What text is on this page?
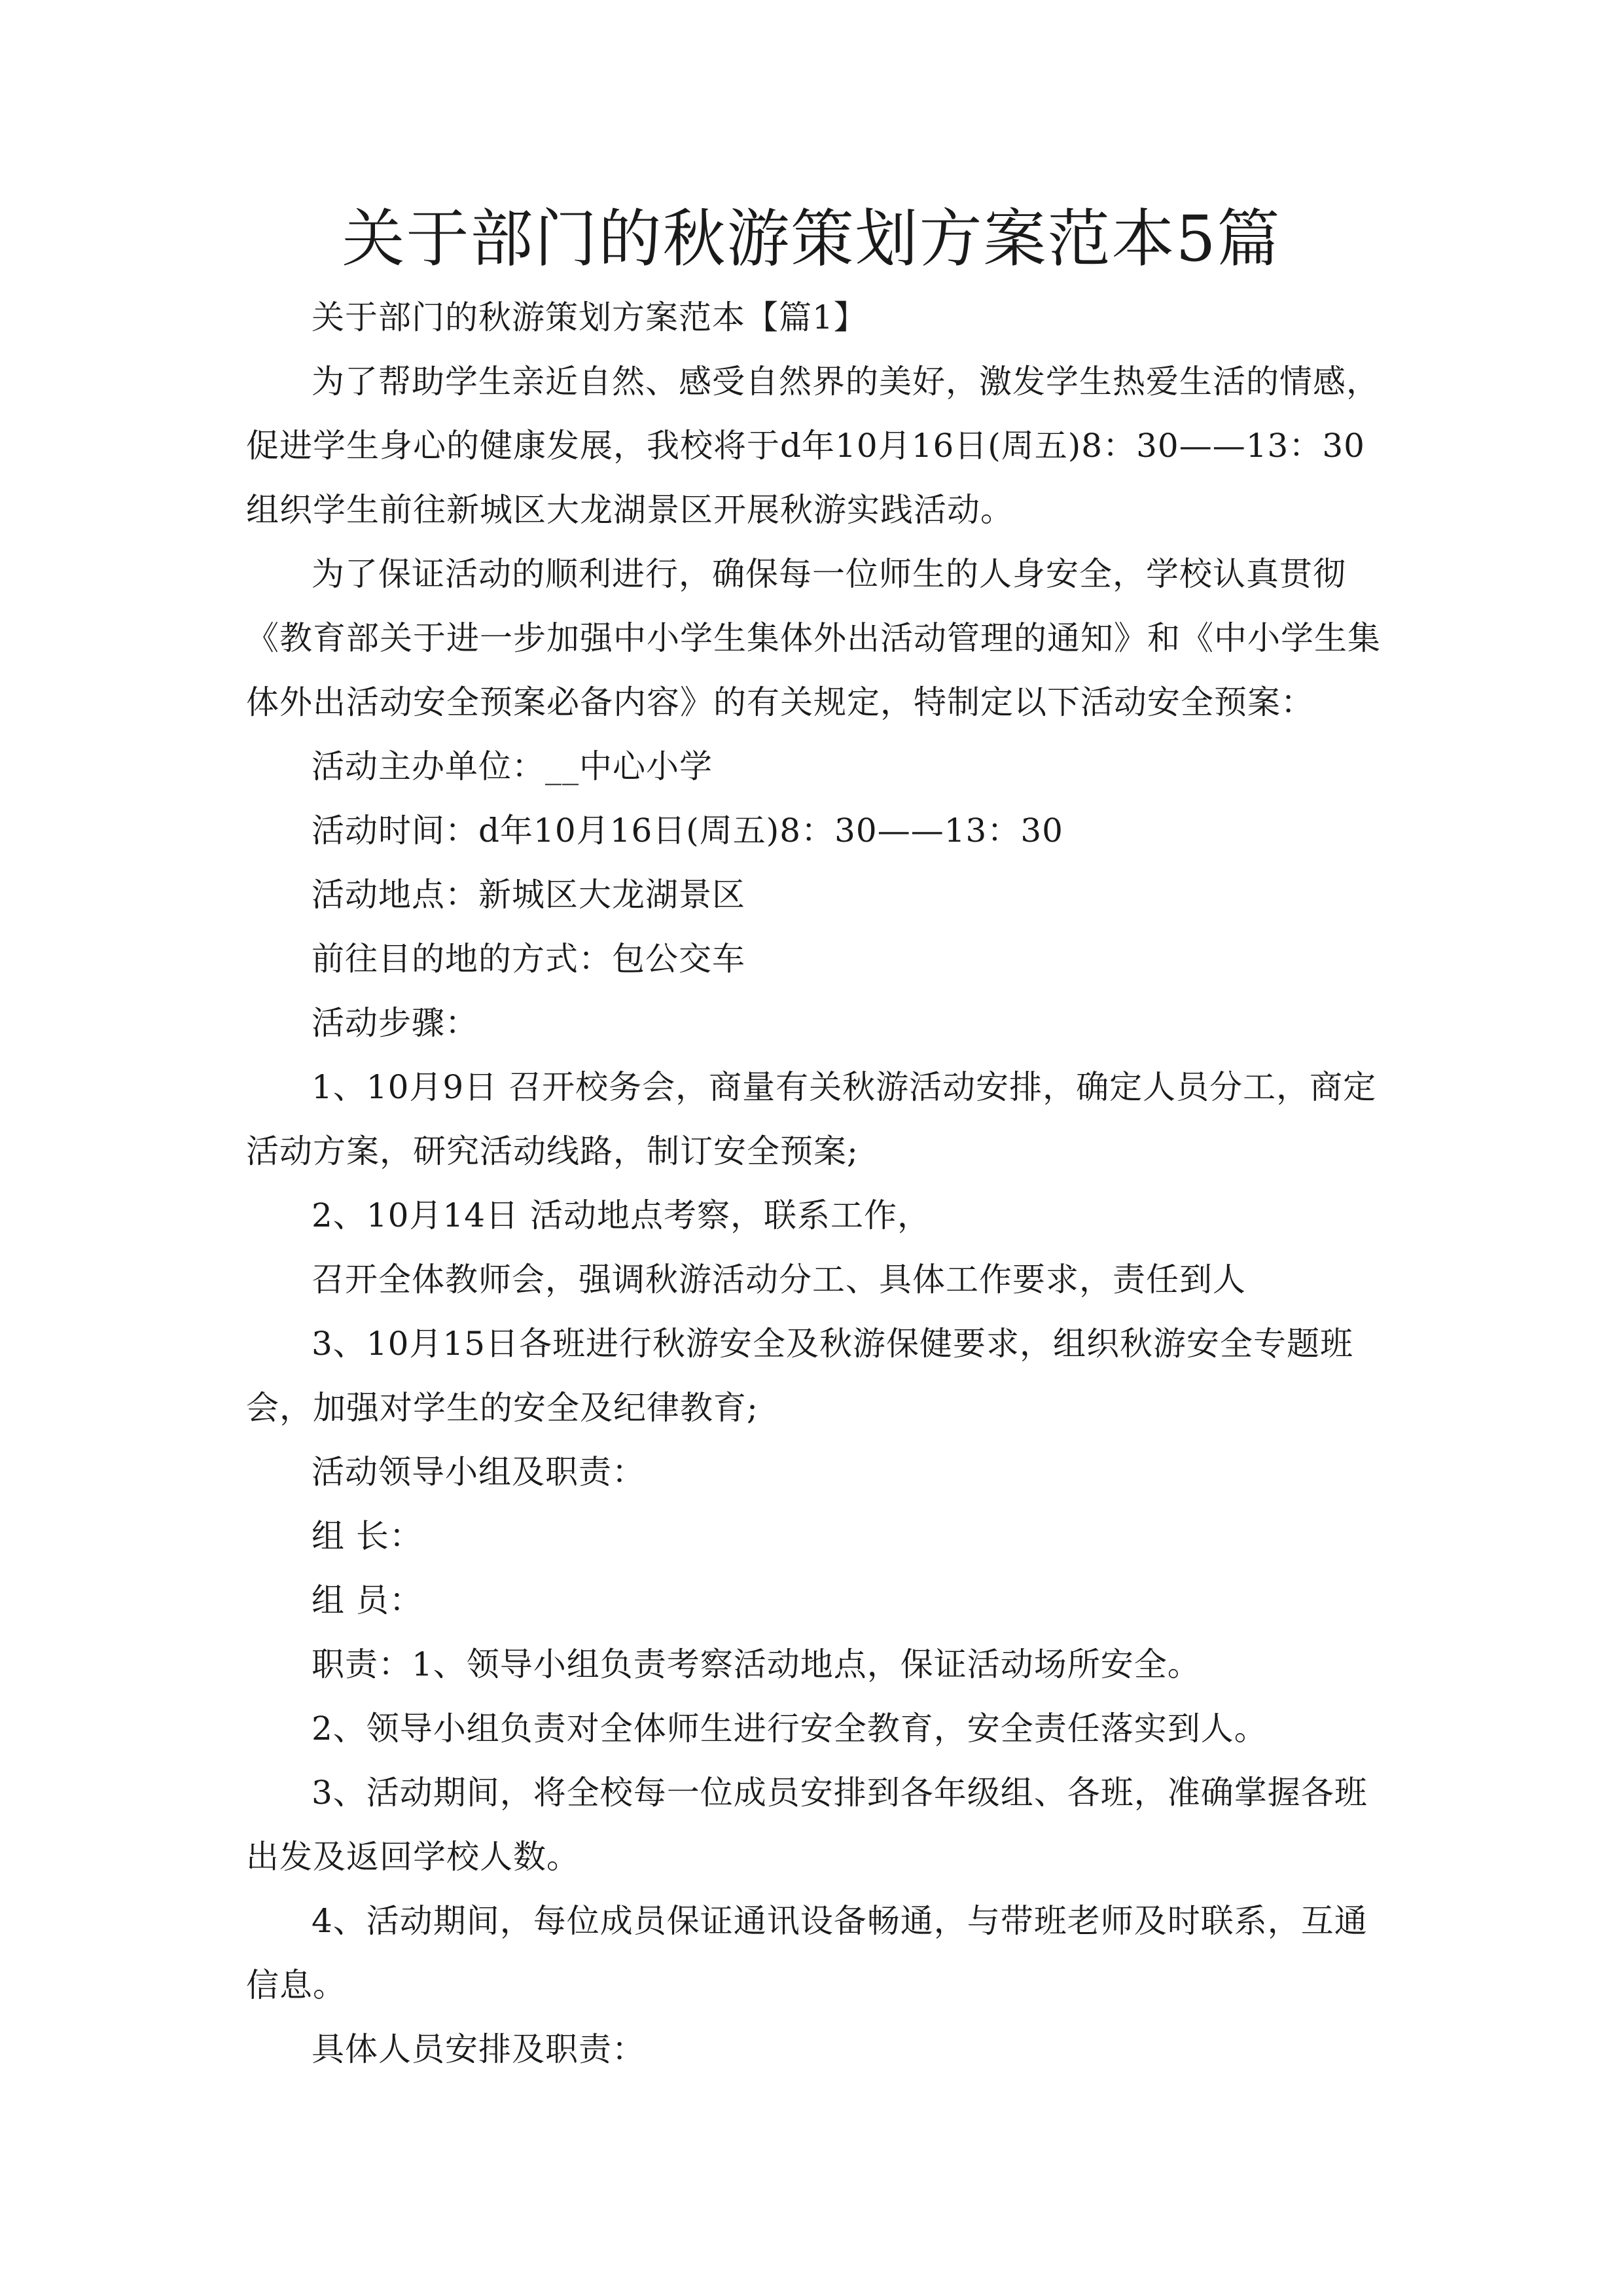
关于部门的秋游策划方案范本5篇

关于部门的秋游策划方案范本【篇1】

为了帮助学生亲近自然、感受自然界的美好，激发学生热爱生活的情感，促进学生身心的健康发展，我校将于d年10月16日(周五)8：30——13：30组织学生前往新城区大龙湖景区开展秋游实践活动。

为了保证活动的顺利进行，确保每一位师生的人身安全，学校认真贯彻《教育部关于进一步加强中小学生集体外出活动管理的通知》和《中小学生集体外出活动安全预案必备内容》的有关规定，特制定以下活动安全预案：

活动主办单位：__中心小学

活动时间：d年10月16日(周五)8：30——13：30

活动地点：新城区大龙湖景区

前往目的地的方式：包公交车

活动步骤：

1、10月9日 召开校务会，商量有关秋游活动安排，确定人员分工，商定活动方案，研究活动线路，制订安全预案;

2、10月14日 活动地点考察，联系工作，

召开全体教师会，强调秋游活动分工、具体工作要求，责任到人

3、10月15日各班进行秋游安全及秋游保健要求，组织秋游安全专题班会，加强对学生的安全及纪律教育;

活动领导小组及职责：

组 长：

组 员：

职责：1、领导小组负责考察活动地点，保证活动场所安全。

2、领导小组负责对全体师生进行安全教育，安全责任落实到人。

3、活动期间，将全校每一位成员安排到各年级组、各班，准确掌握各班出发及返回学校人数。

4、活动期间，每位成员保证通讯设备畅通，与带班老师及时联系，互通信息。

具体人员安排及职责：
